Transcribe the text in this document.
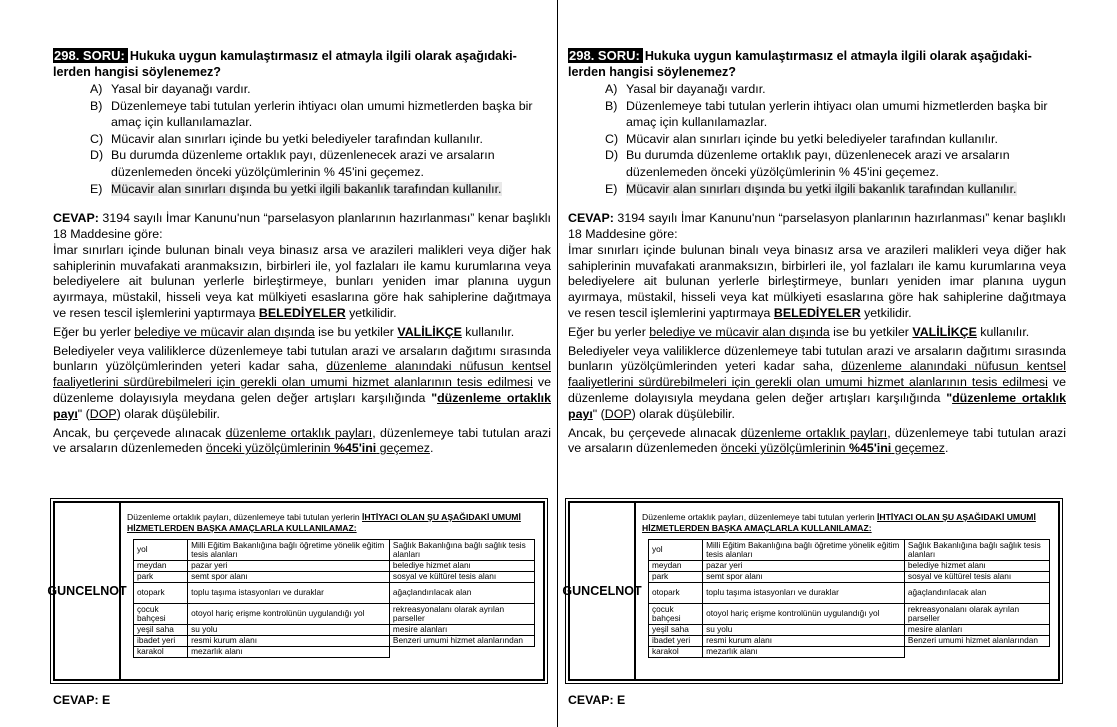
298. SORU: Hukuka uygun kamulaştırmasız el atmayla ilgili olarak aşağıdaki-
lerden hangisi söylenemez?
A) Yasal bir dayanağı vardır.
B) Düzenlemeye tabi tutulan yerlerin ihtiyacı olan umumi hizmetlerden başka bir amaç için kullanılamazlar.
C) Mücavir alan sınırları içinde bu yetki belediyeler tarafından kullanılır.
D) Bu durumda düzenleme ortaklık payı, düzenlenecek arazi ve arsaların düzenlemeden önceki yüzölçümlerinin % 45'ini geçemez.
E) Mücavir alan sınırları dışında bu yetki ilgili bakanlık tarafından kullanılır.

CEVAP: 3194 sayılı İmar Kanunu'nun “parselasyon planlarının hazırlanması” kenar başlıklı 18 Maddesine göre:

İmar sınırları içinde bulunan binalı veya binasız arsa ve arazileri malikleri veya diğer hak sahiplerinin muvafakati aranmaksızın, birbirleri ile, yol fazlaları ile kamu kurumlarına veya belediyelere ait bulunan yerlerle birleştirmeye, bunları yeniden imar planına uygun ayırmaya, müstakil, hisseli veya kat mülkiyeti esaslarına göre hak sahiplerine dağıtmaya ve resen tescil işlemlerini yaptırmaya BELEDİYELER yetkilidir.

Eğer bu yerler belediye ve mücavir alan dışında ise bu yetkiler VALİLİKÇE kullanılır.

Belediyeler veya valiliklerce düzenlemeye tabi tutulan arazi ve arsaların dağıtımı sırasında bunların yüzölçümlerinden yeteri kadar saha, düzenleme alanındaki nüfusun kentsel faaliyetlerini sürdürebilmeleri için gerekli olan umumi hizmet alanlarının tesis edilmesi ve düzenleme dolayısıyla meydana gelen değer artışları karşılığında "düzenleme ortaklık payı" (DOP) olarak düşülebilir.

Ancak, bu çerçevede alınacak düzenleme ortaklık payları, düzenlemeye tabi tutulan arazi ve arsaların düzenlemeden önceki yüzölçümlerinin %45'ini geçemez.

GUNCEL NOT
Düzenleme ortaklık payları, düzenlemeye tabi tutulan yerlerin İHTİYACI OLAN ŞU AŞAĞIDAKİ UMUMİ HİZMETLERDEN BAŞKA AMAÇLARLA KULLANILAMAZ:
yol	Milli Eğitim Bakanlığına bağlı öğretime yönelik eğitim tesis alanları	Sağlık Bakanlığına bağlı sağlık tesis alanları
meydan	pazar yeri	belediye hizmet alanı
park	semt spor alanı	sosyal ve kültürel tesis alanı
otopark	toplu taşıma istasyonları ve duraklar	ağaçlandırılacak alan
çocuk bahçesi	otoyol hariç erişme kontrolünün uygulandığı yol	rekreasyonalanı olarak ayrılan parseller
yeşil saha	su yolu	mesire alanları
ibadet yeri	resmi kurum alanı	Benzeri umumi hizmet alanlarından
karakol	mezarlık alanı	
CEVAP: E
298. SORU: Hukuka uygun kamulaştırmasız el atmayla ilgili olarak aşağıdaki-
lerden hangisi söylenemez?
A) Yasal bir dayanağı vardır.
B) Düzenlemeye tabi tutulan yerlerin ihtiyacı olan umumi hizmetlerden başka bir amaç için kullanılamazlar.
C) Mücavir alan sınırları içinde bu yetki belediyeler tarafından kullanılır.
D) Bu durumda düzenleme ortaklık payı, düzenlenecek arazi ve arsaların düzenlemeden önceki yüzölçümlerinin % 45'ini geçemez.
E) Mücavir alan sınırları dışında bu yetki ilgili bakanlık tarafından kullanılır.

CEVAP: 3194 sayılı İmar Kanunu'nun “parselasyon planlarının hazırlanması” kenar başlıklı 18 Maddesine göre:

İmar sınırları içinde bulunan binalı veya binasız arsa ve arazileri malikleri veya diğer hak sahiplerinin muvafakati aranmaksızın, birbirleri ile, yol fazlaları ile kamu kurumlarına veya belediyelere ait bulunan yerlerle birleştirmeye, bunları yeniden imar planına uygun ayırmaya, müstakil, hisseli veya kat mülkiyeti esaslarına göre hak sahiplerine dağıtmaya ve resen tescil işlemlerini yaptırmaya BELEDİYELER yetkilidir.

Eğer bu yerler belediye ve mücavir alan dışında ise bu yetkiler VALİLİKÇE kullanılır.

Belediyeler veya valiliklerce düzenlemeye tabi tutulan arazi ve arsaların dağıtımı sırasında bunların yüzölçümlerinden yeteri kadar saha, düzenleme alanındaki nüfusun kentsel faaliyetlerini sürdürebilmeleri için gerekli olan umumi hizmet alanlarının tesis edilmesi ve düzenleme dolayısıyla meydana gelen değer artışları karşılığında "düzenleme ortaklık payı" (DOP) olarak düşülebilir.

Ancak, bu çerçevede alınacak düzenleme ortaklık payları, düzenlemeye tabi tutulan arazi ve arsaların düzenlemeden önceki yüzölçümlerinin %45'ini geçemez.

GUNCEL NOT
Düzenleme ortaklık payları, düzenlemeye tabi tutulan yerlerin İHTİYACI OLAN ŞU AŞAĞIDAKİ UMUMİ HİZMETLERDEN BAŞKA AMAÇLARLA KULLANILAMAZ:
yol	Milli Eğitim Bakanlığına bağlı öğretime yönelik eğitim tesis alanları	Sağlık Bakanlığına bağlı sağlık tesis alanları
meydan	pazar yeri	belediye hizmet alanı
park	semt spor alanı	sosyal ve kültürel tesis alanı
otopark	toplu taşıma istasyonları ve duraklar	ağaçlandırılacak alan
çocuk bahçesi	otoyol hariç erişme kontrolünün uygulandığı yol	rekreasyonalanı olarak ayrılan parseller
yeşil saha	su yolu	mesire alanları
ibadet yeri	resmi kurum alanı	Benzeri umumi hizmet alanlarından
karakol	mezarlık alanı	
CEVAP: E
